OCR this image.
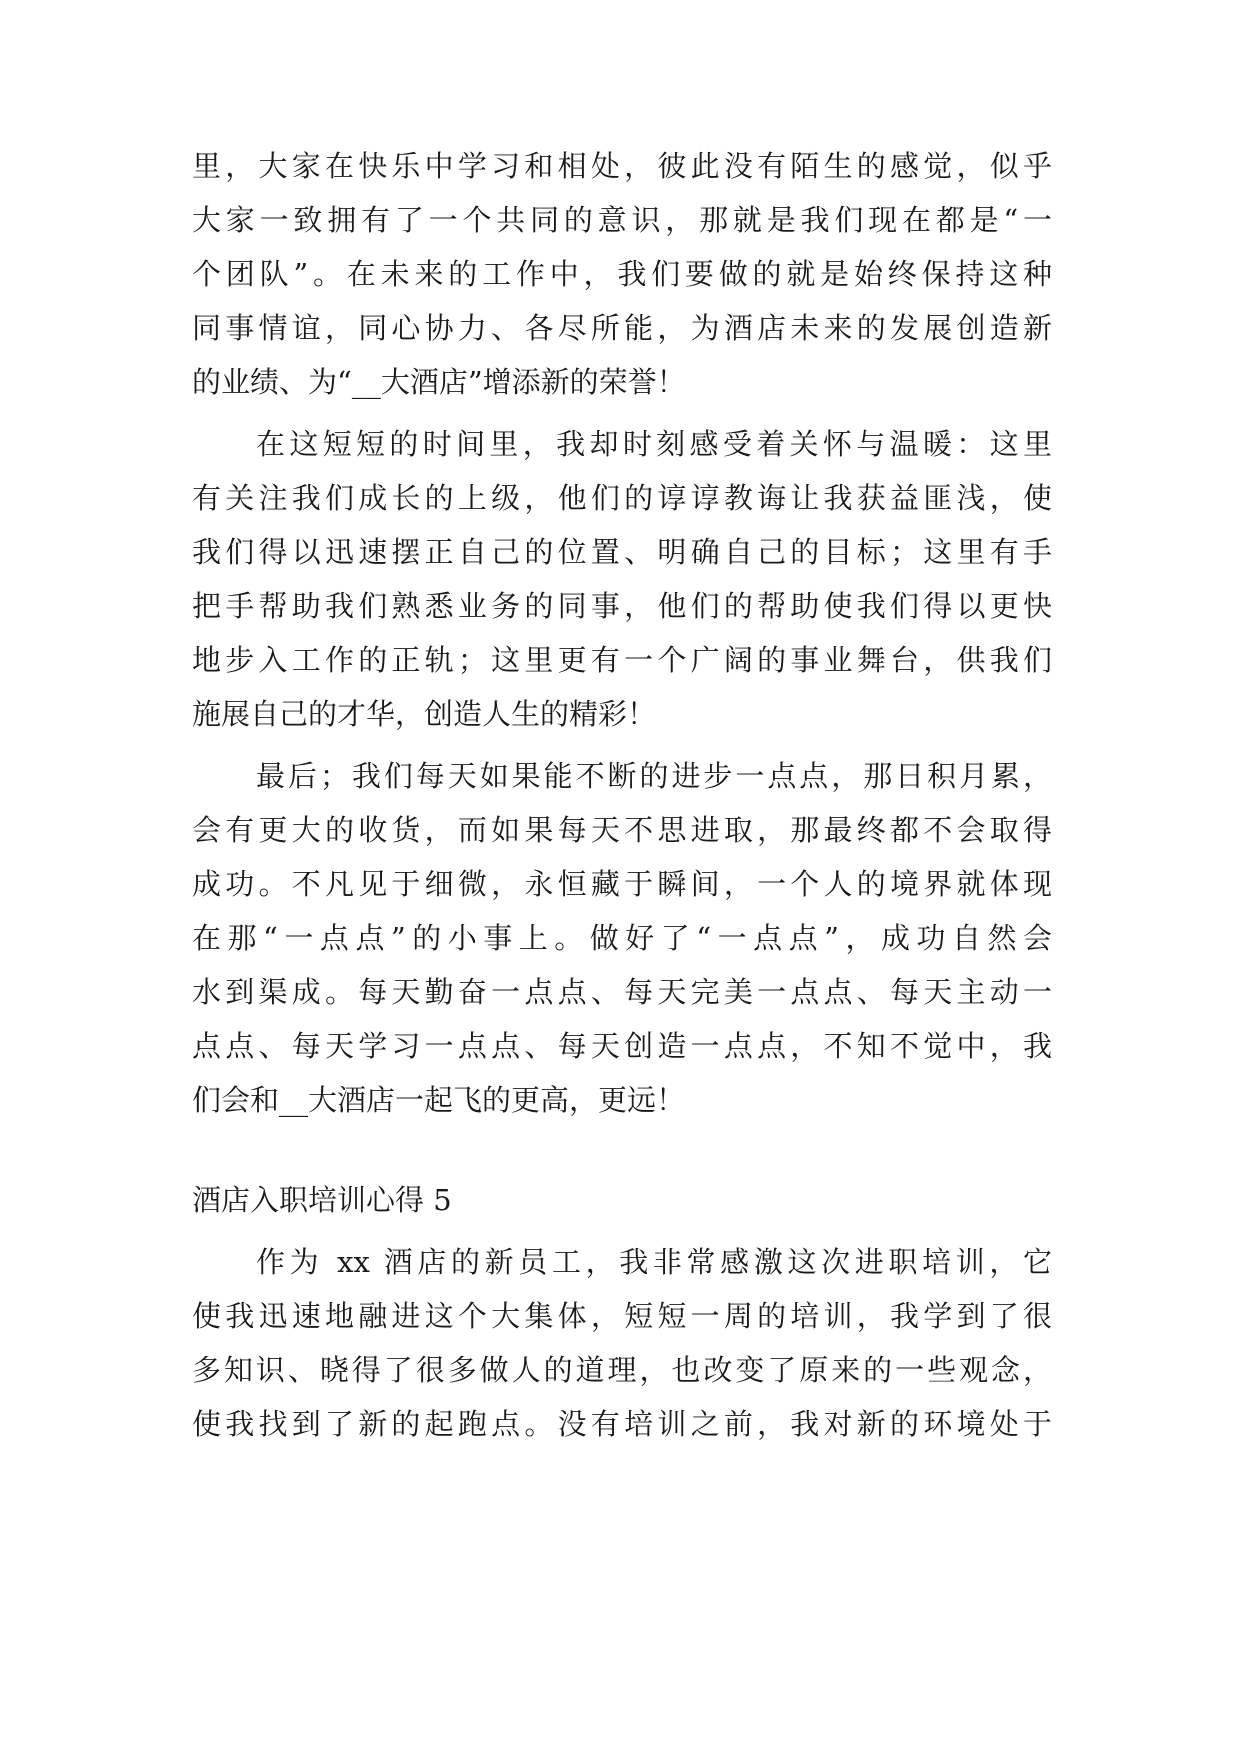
里，大家在快乐中学习和相处，彼此没有陌生的感觉，似乎
大家一致拥有了一个共同的意识，那就是我们现在都是“一
个团队”。在未来的工作中，我们要做的就是始终保持这种
同事情谊，同心协力、各尽所能，为酒店未来的发展创造新
的业绩、为“__大酒店”增添新的荣誉！
在这短短的时间里，我却时刻感受着关怀与温暖：这里
有关注我们成长的上级，他们的谆谆教诲让我获益匪浅，使
我们得以迅速摆正自己的位置、明确自己的目标；这里有手
把手帮助我们熟悉业务的同事，他们的帮助使我们得以更快
地步入工作的正轨；这里更有一个广阔的事业舞台，供我们
施展自己的才华，创造人生的精彩！
最后；我们每天如果能不断的进步一点点，那日积月累，
会有更大的收货，而如果每天不思进取，那最终都不会取得
成功。不凡见于细微，永恒藏于瞬间，一个人的境界就体现
在那“一点点”的小事上。做好了“一点点”，成功自然会
水到渠成。每天勤奋一点点、每天完美一点点、每天主动一
点点、每天学习一点点、每天创造一点点，不知不觉中，我
们会和__大酒店一起飞的更高，更远！
酒店入职培训心得 5
作为 xx 酒店的新员工，我非常感激这次进职培训，它
使我迅速地融进这个大集体，短短一周的培训，我学到了很
多知识、晓得了很多做人的道理，也改变了原来的一些观念，
使我找到了新的起跑点。没有培训之前，我对新的环境处于
